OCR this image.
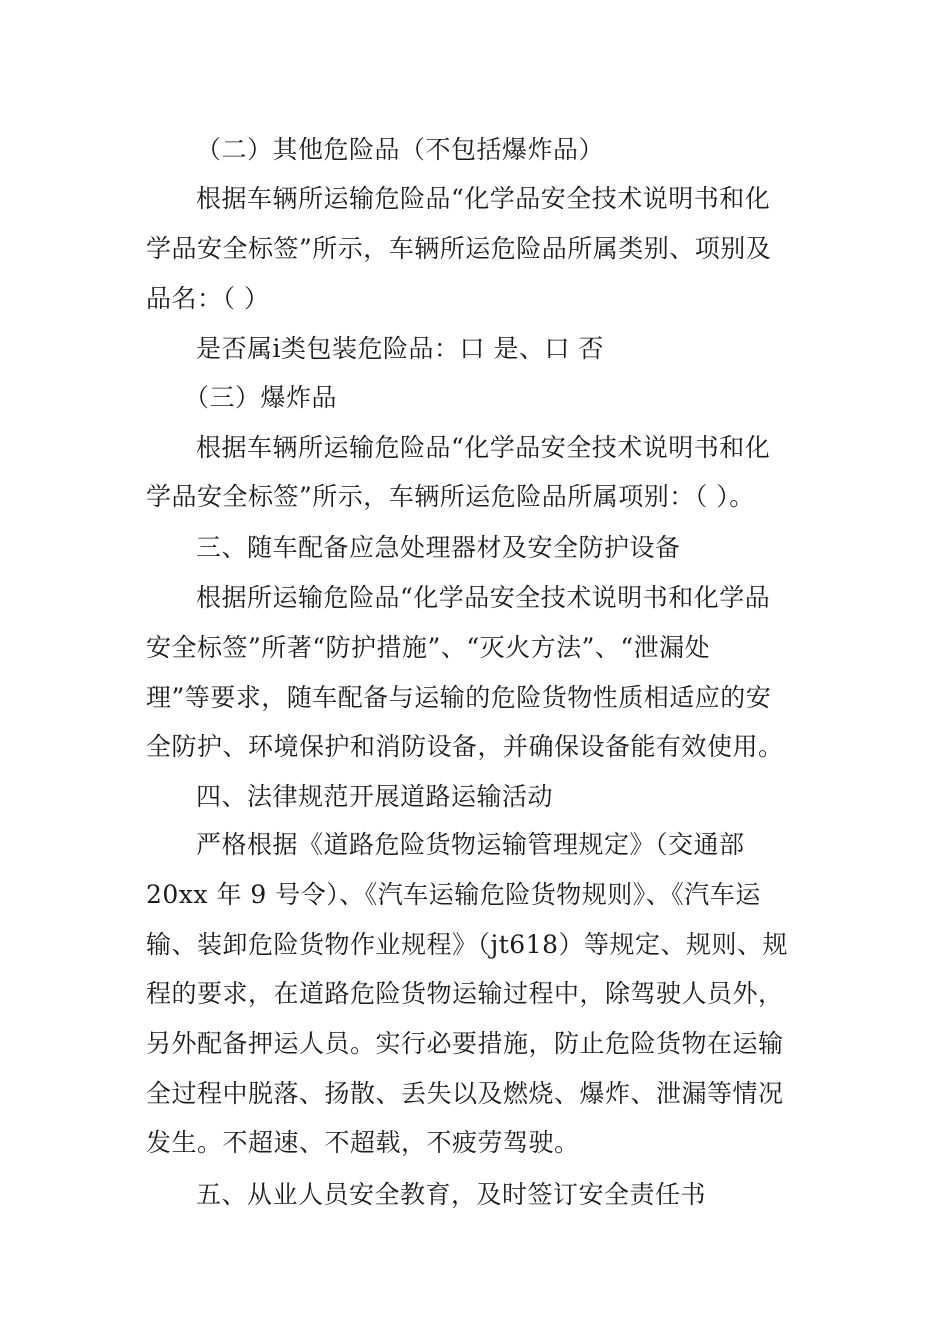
（二）其他危险品（不包括爆炸品）
根据车辆所运输危险品“化学品安全技术说明书和化
学品安全标签”所示，车辆所运危险品所属类别、项别及
品名：（ ）
是否属ⅰ类包装危险品：口 是、口 否
（三）爆炸品
根据车辆所运输危险品“化学品安全技术说明书和化
学品安全标签”所示，车辆所运危险品所属项别：（ ）。
三、随车配备应急处理器材及安全防护设备
根据所运输危险品“化学品安全技术说明书和化学品
安全标签”所著“防护措施”、“灭火方法”、“泄漏处
理”等要求，随车配备与运输的危险货物性质相适应的安
全防护、环境保护和消防设备，并确保设备能有效使用。
四、法律规范开展道路运输活动
严格根据《道路危险货物运输管理规定》（交通部
20xx 年 9 号令）、《汽车运输危险货物规则》、《汽车运
输、装卸危险货物作业规程》（jt618）等规定、规则、规
程的要求，在道路危险货物运输过程中，除驾驶人员外，
另外配备押运人员。实行必要措施，防止危险货物在运输
全过程中脱落、扬散、丢失以及燃烧、爆炸、泄漏等情况
发生。不超速、不超载，不疲劳驾驶。
五、从业人员安全教育，及时签订安全责任书
